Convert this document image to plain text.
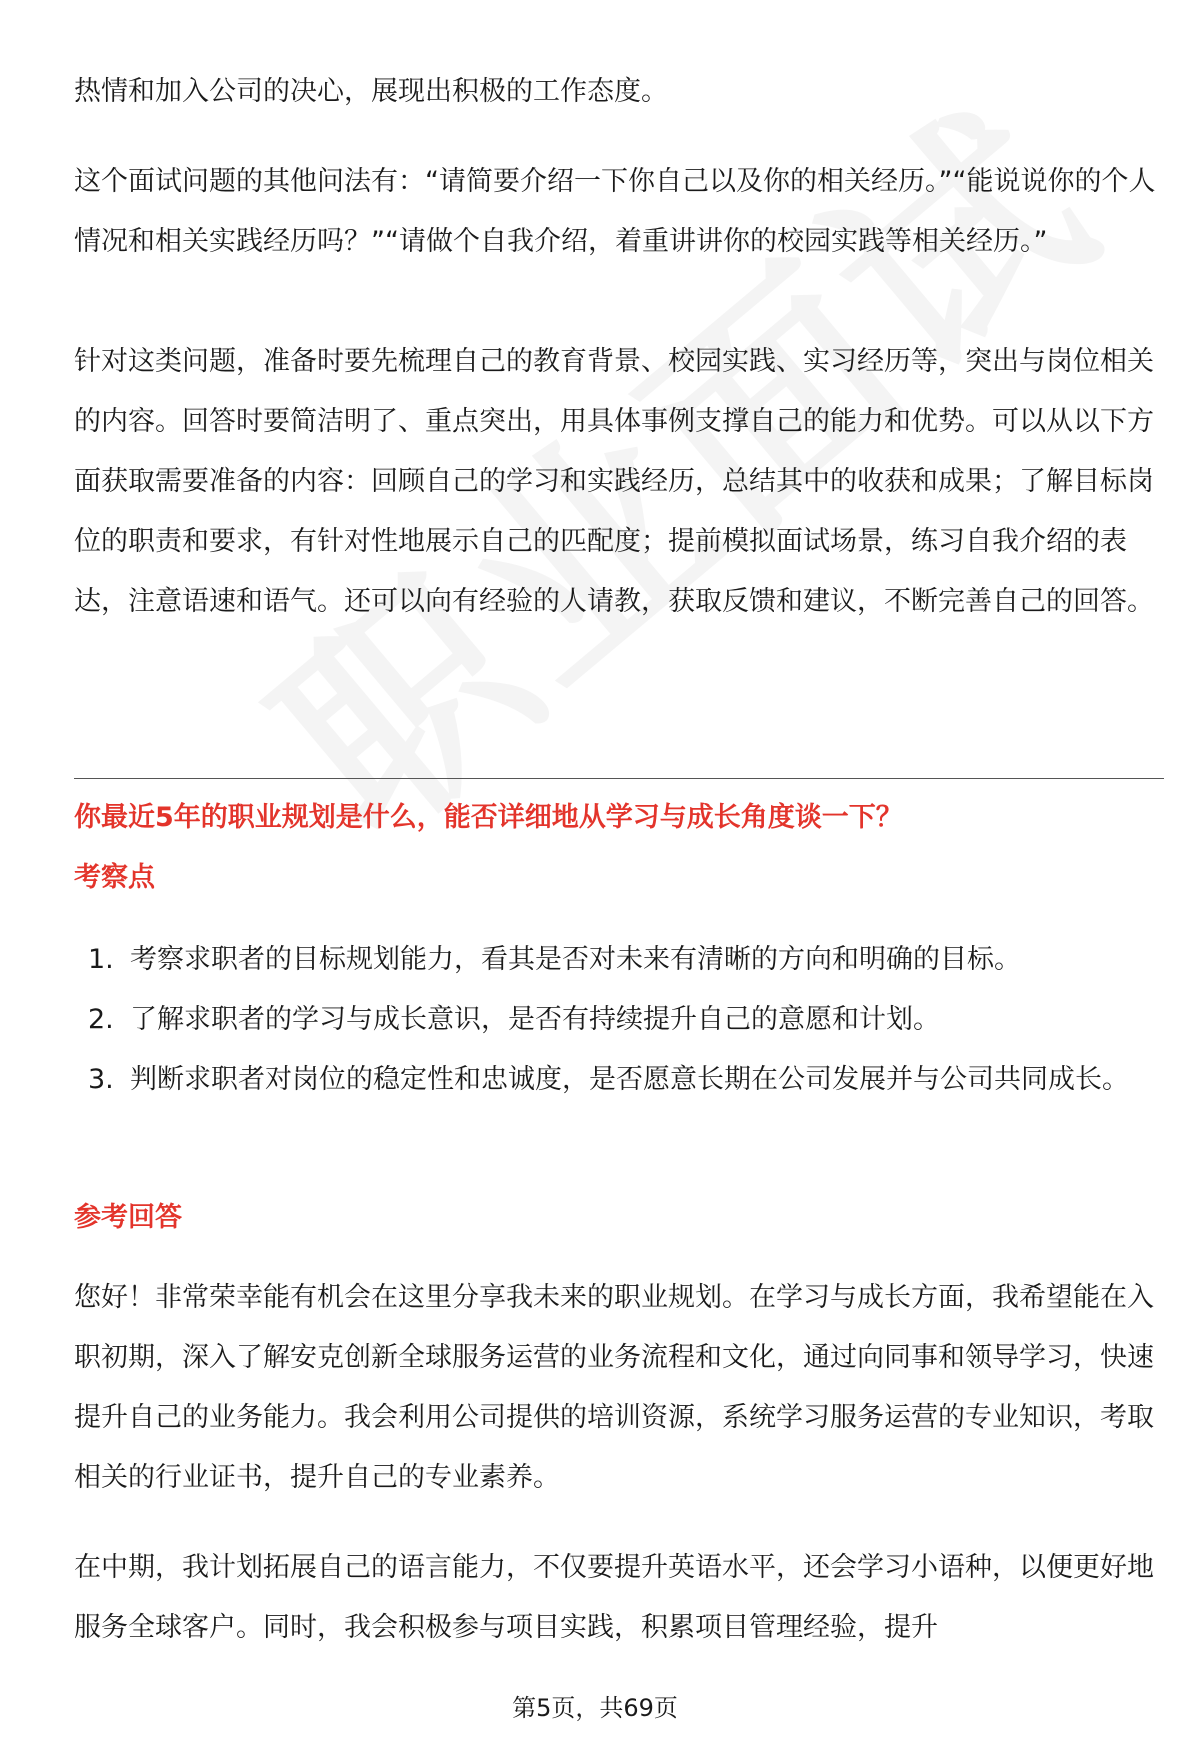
热情和加入公司的决心，展现出积极的工作态度。

这个面试问题的其他问法有：“请简要介绍一下你自己以及你的相关经历。”“能说说你的个人情况和相关实践经历吗？”“请做个自我介绍，着重讲讲你的校园实践等相关经历。”

针对这类问题，准备时要先梳理自己的教育背景、校园实践、实习经历等，突出与岗位相关的内容。回答时要简洁明了、重点突出，用具体事例支撑自己的能力和优势。可以从以下方面获取需要准备的内容：回顾自己的学习和实践经历，总结其中的收获和成果；了解目标岗位的职责和要求，有针对性地展示自己的匹配度；提前模拟面试场景，练习自我介绍的表达，注意语速和语气。还可以向有经验的人请教，获取反馈和建议，不断完善自己的回答。

你最近5年的职业规划是什么，能否详细地从学习与成长角度谈一下？
考察点
1. 考察求职者的目标规划能力，看其是否对未来有清晰的方向和明确的目标。
2. 了解求职者的学习与成长意识，是否有持续提升自己的意愿和计划。
3. 判断求职者对岗位的稳定性和忠诚度，是否愿意长期在公司发展并与公司共同成长。
参考回答

您好！非常荣幸能有机会在这里分享我未来的职业规划。在学习与成长方面，我希望能在入职初期，深入了解安克创新全球服务运营的业务流程和文化，通过向同事和领导学习，快速提升自己的业务能力。我会利用公司提供的培训资源，系统学习服务运营的专业知识，考取相关的行业证书，提升自己的专业素养。

在中期，我计划拓展自己的语言能力，不仅要提升英语水平，还会学习小语种，以便更好地服务全球客户。同时，我会积极参与项目实践，积累项目管理经验，提升

第5页，共69页
